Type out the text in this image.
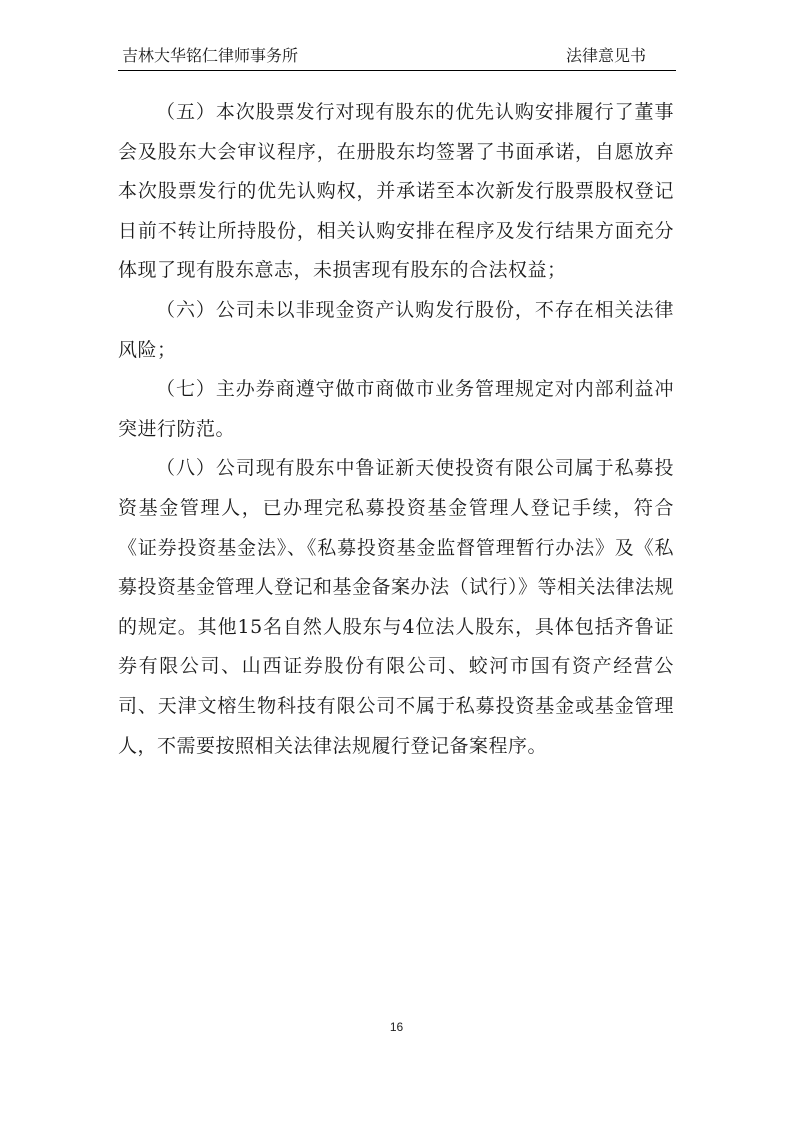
吉林大华铭仁律师事务所	法律意见书

（五）本次股票发行对现有股东的优先认购安排履行了董事会及股东大会审议程序，在册股东均签署了书面承诺，自愿放弃本次股票发行的优先认购权，并承诺至本次新发行股票股权登记日前不转让所持股份，相关认购安排在程序及发行结果方面充分体现了现有股东意志，未损害现有股东的合法权益；

（六）公司未以非现金资产认购发行股份，不存在相关法律风险；

（七）主办券商遵守做市商做市业务管理规定对内部利益冲突进行防范。

（八）公司现有股东中鲁证新天使投资有限公司属于私募投资基金管理人，已办理完私募投资基金管理人登记手续，符合《证券投资基金法》、《私募投资基金监督管理暂行办法》及《私募投资基金管理人登记和基金备案办法（试行）》等相关法律法规的规定。其他15名自然人股东与4位法人股东，具体包括齐鲁证券有限公司、山西证券股份有限公司、蛟河市国有资产经营公司、天津文榕生物科技有限公司不属于私募投资基金或基金管理人，不需要按照相关法律法规履行登记备案程序。

16
